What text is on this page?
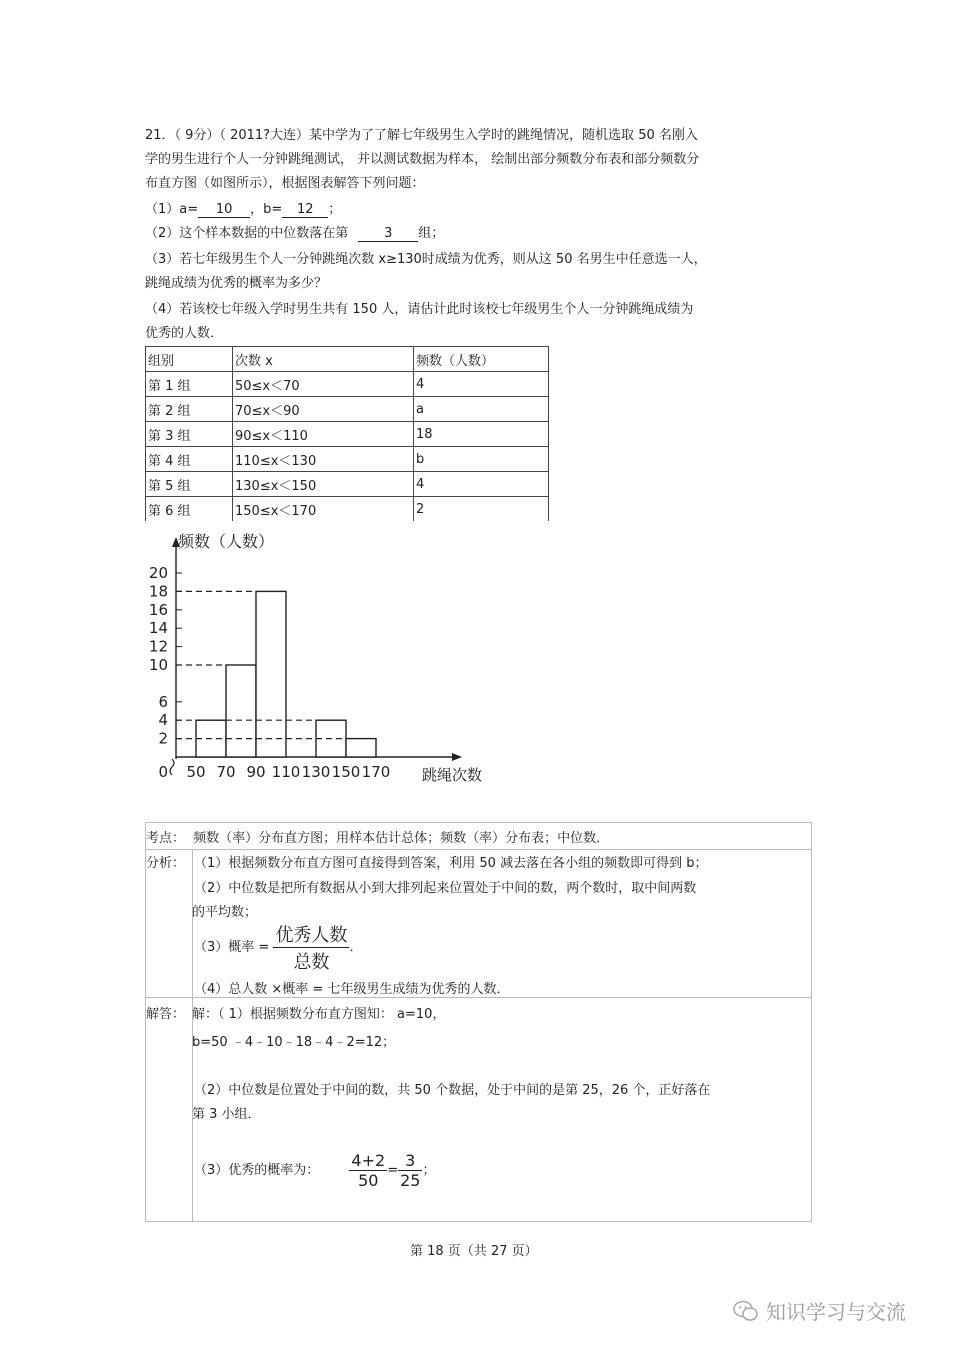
21．（ 9分）（ 2011?大连）某中学为了了解七年级男生入学时的跳绳情况，随机选取 50 名刚入
学的男生进行个人一分钟跳绳测试， 并以测试数据为样本， 绘制出部分频数分布表和部分频数分
布直方图（如图所示），根据图表解答下列问题：
（1）a= 10 ，b= 12 ；
（2）这个样本数据的中位数落在第	3 组；
（3）若七年级男生个人一分钟跳绳次数 x≥130时成绩为优秀，则从这 50 名男生中任意选一人，
跳绳成绩为优秀的概率为多少？
（4）若该校七年级入学时男生共有 150 人，请估计此时该校七年级男生个人一分钟跳绳成绩为
优秀的人数．
组别	次数 x	频数（人数）
第 1 组	50≤x＜70	4
第 2 组	70≤x＜90	a
第 3 组	90≤x＜110	18
第 4 组	110≤x＜130	b
第 5 组	130≤x＜150	4
第 6 组	150≤x＜170	2
频数（人数）
跳绳次数
0
2
4
6
10
12
14
16
18
20
50 70 90 110 130 150 170
考点： 频数（率）分布直方图；用样本估计总体；频数（率）分布表；中位数．
分析： （1）根据频数分布直方图可直接得到答案，利用 50 减去落在各小组的频数即可得到 b；
（2）中位数是把所有数据从小到大排列起来位置处于中间的数，两个数时，取中间两数
的平均数；
（3）概率 = $\frac{\text{优秀人数}}{\text{总数}}$ ．
（4）总人数 ×概率 = 七年级男生成绩为优秀的人数．
解答： 解：（ 1）根据频数分布直方图知： a=10，
b=50 ﹣4﹣10﹣18﹣4﹣2=12；
（2）中位数是位置处于中间的数，共 50 个数据，处于中间的是第 25，26 个，正好落在
第 3 小组．
（3）优秀的概率为： $\frac{4+2}{50} = \frac{3}{25}$ ；
第 18 页（共 27 页）
知识学习与交流
